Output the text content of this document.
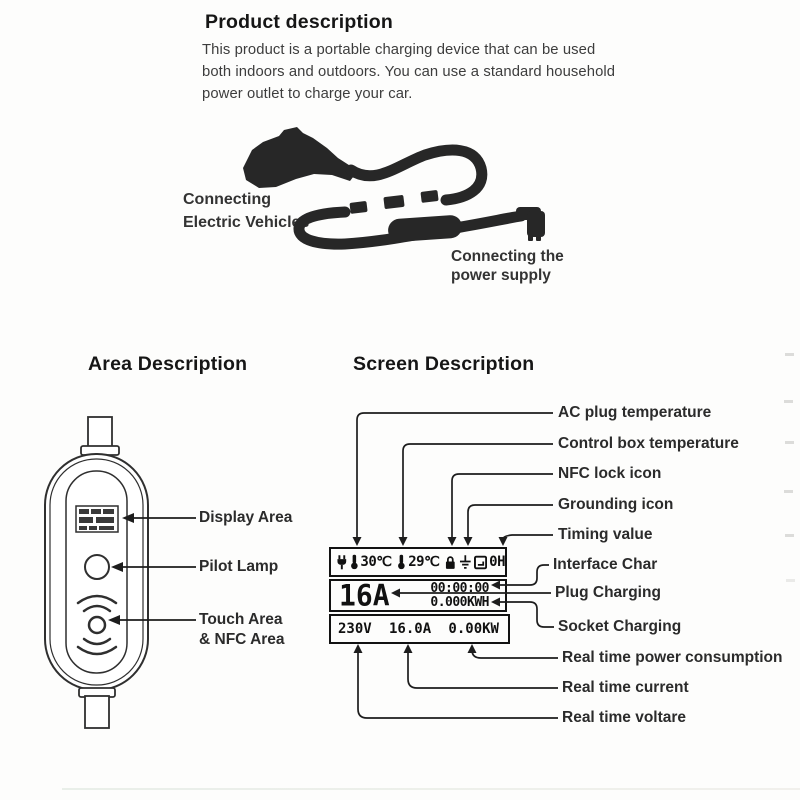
Product description
This product is a portable charging device that can be used
both indoors and outdoors. You can use a standard household
power outlet to charge your car.
Connecting
Electric Vehicles
Connecting the
power supply
Area Description	Screen Description
Display Area
Pilot Lamp
Touch Area
& NFC Area
30℃ 29℃	0H
16A	00:00:00
0.000KWH
230V 16.0A 0.00KW
AC plug temperature
Control box temperature
NFC lock icon
Grounding icon
Timing value
Interface Char
Plug Charging
Socket Charging
Real time power consumption
Real time current
Real time voltare
